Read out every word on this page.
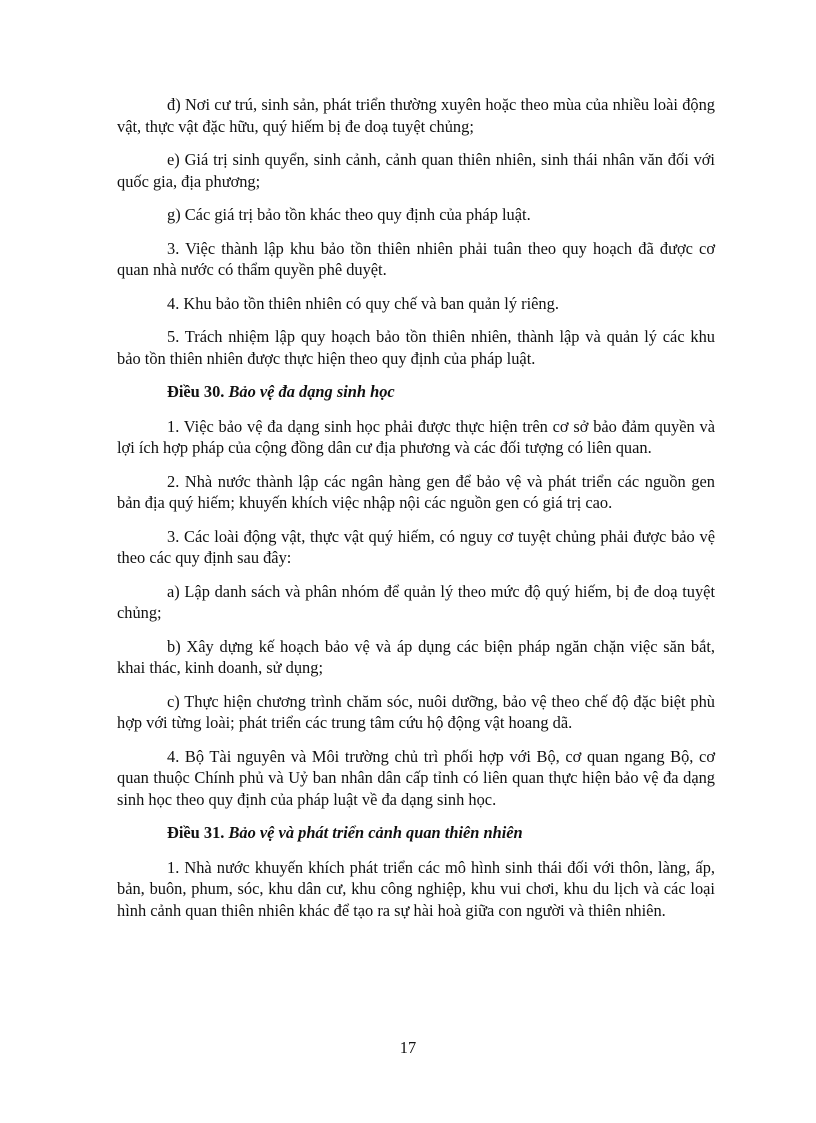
đ) Nơi cư trú, sinh sản, phát triển thường xuyên hoặc theo mùa của nhiều loài động vật, thực vật đặc hữu, quý hiếm bị đe doạ tuyệt chủng;

e) Giá trị sinh quyển, sinh cảnh, cảnh quan thiên nhiên, sinh thái nhân văn đối với quốc gia, địa phương;

g) Các giá trị bảo tồn khác theo quy định của pháp luật.

3. Việc thành lập khu bảo tồn thiên nhiên phải tuân theo quy hoạch đã được cơ quan nhà nước có thẩm quyền phê duyệt.

4. Khu bảo tồn thiên nhiên có quy chế và ban quản lý riêng.

5. Trách nhiệm lập quy hoạch bảo tồn thiên nhiên, thành lập và quản lý các khu bảo tồn thiên nhiên được thực hiện theo quy định của pháp luật.

Điều 30. Bảo vệ đa dạng sinh học

1. Việc bảo vệ đa dạng sinh học phải được thực hiện trên cơ sở bảo đảm quyền và lợi ích hợp pháp của cộng đồng dân cư địa phương và các đối tượng có liên quan.

2. Nhà nước thành lập các ngân hàng gen để bảo vệ và phát triển các nguồn gen bản địa quý hiếm; khuyến khích việc nhập nội các nguồn gen có giá trị cao.

3. Các loài động vật, thực vật quý hiếm, có nguy cơ tuyệt chủng phải được bảo vệ theo các quy định sau đây:

a) Lập danh sách và phân nhóm để quản lý theo mức độ quý hiếm, bị đe doạ tuyệt chủng;

b) Xây dựng kế hoạch bảo vệ và áp dụng các biện pháp ngăn chặn việc săn bắt, khai thác, kinh doanh, sử dụng;

c) Thực hiện chương trình chăm sóc, nuôi dưỡng, bảo vệ theo chế độ đặc biệt phù hợp với từng loài; phát triển các trung tâm cứu hộ động vật hoang dã.

4. Bộ Tài nguyên và Môi trường chủ trì phối hợp với Bộ, cơ quan ngang Bộ, cơ quan thuộc Chính phủ và Uỷ ban nhân dân cấp tỉnh có liên quan thực hiện bảo vệ đa dạng sinh học theo quy định của pháp luật về đa dạng sinh học.

Điều 31. Bảo vệ và phát triển cảnh quan thiên nhiên

1. Nhà nước khuyến khích phát triển các mô hình sinh thái đối với thôn, làng, ấp, bản, buôn, phum, sóc, khu dân cư, khu công nghiệp, khu vui chơi, khu du lịch và các loại hình cảnh quan thiên nhiên khác để tạo ra sự hài hoà giữa con người và thiên nhiên.

17
